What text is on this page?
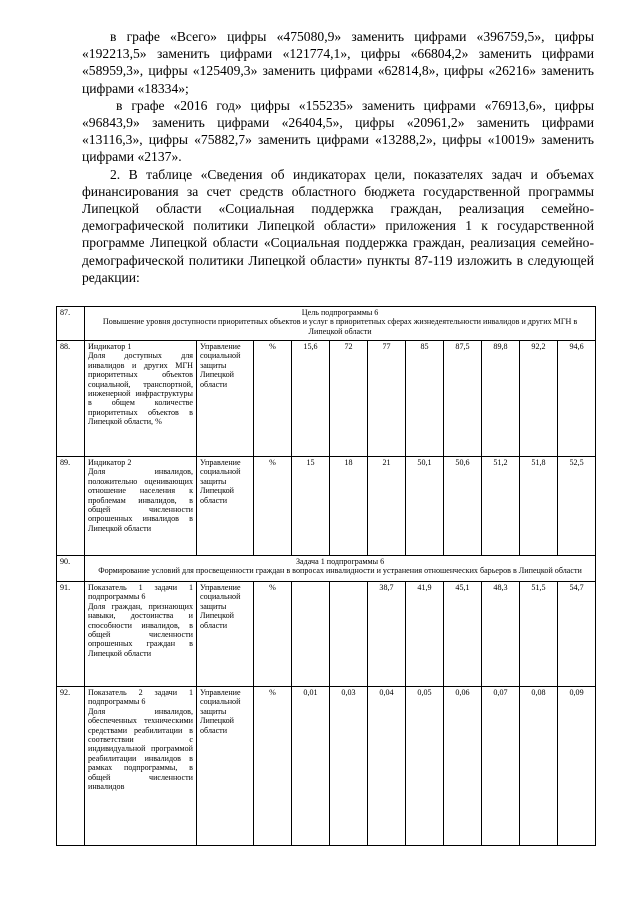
в графе «Всего» цифры «475080,9» заменить цифрами «396759,5», цифры «192213,5» заменить цифрами «121774,1», цифры «66804,2» заменить цифрами «58959,3», цифры «125409,3» заменить цифрами «62814,8», цифры «26216» заменить цифрами «18334»;

в графе «2016 год» цифры «155235» заменить цифрами «76913,6», цифры «96843,9» заменить цифрами «26404,5», цифры «20961,2» заменить цифрами «13116,3», цифры «75882,7» заменить цифрами «13288,2», цифры «10019» заменить цифрами «2137».

2. В таблице «Сведения об индикаторах цели, показателях задач и объемах финансирования за счет средств областного бюджета государственной программы Липецкой области «Социальная поддержка граждан, реализация семейно-демографической политики Липецкой области» приложения 1 к государственной программе Липецкой области «Социальная поддержка граждан, реализация семейно-демографической политики Липецкой области» пункты 87-119 изложить в следующей редакции:

87.	Цель подпрограммы 6
Повышение уровня доступности приоритетных объектов и услуг в приоритетных сферах жизнедеятельности инвалидов и других МГН в Липецкой области										
88.	Индикатор 1
Доля доступных для инвалидов и других МГН приоритетных объектов социальной, транспортной, инженерной инфраструктуры в общем количестве приоритетных объектов в Липецкой области, %	Управление социальной защиты Липецкой области	%	15,6	72	77	85	87,5	89,8	92,2	94,6
89.	Индикатор 2
Доля инвалидов, положительно оценивающих отношение населения к проблемам инвалидов, в общей численности опрошенных инвалидов в Липецкой области	Управление социальной защиты Липецкой области	%	15	18	21	50,1	50,6	51,2	51,8	52,5
90.	Задача 1 подпрограммы 6
Формирование условий для просвещенности граждан в вопросах инвалидности и устранения отношенческих барьеров в Липецкой области										
91.	Показатель 1 задачи 1 подпрограммы 6
Доля граждан, признающих навыки, достоинства и способности инвалидов, в общей численности опрошенных граждан в Липецкой области	Управление социальной защиты Липецкой области	%			38,7	41,9	45,1	48,3	51,5	54,7
92.	Показатель 2 задачи 1 подпрограммы 6
Доля инвалидов, обеспеченных техническими средствами реабилитации в соответствии с индивидуальной программой реабилитации инвалидов в рамках подпрограммы, в общей численности инвалидов	Управление социальной защиты Липецкой области	%	0,01	0,03	0,04	0,05	0,06	0,07	0,08	0,09
